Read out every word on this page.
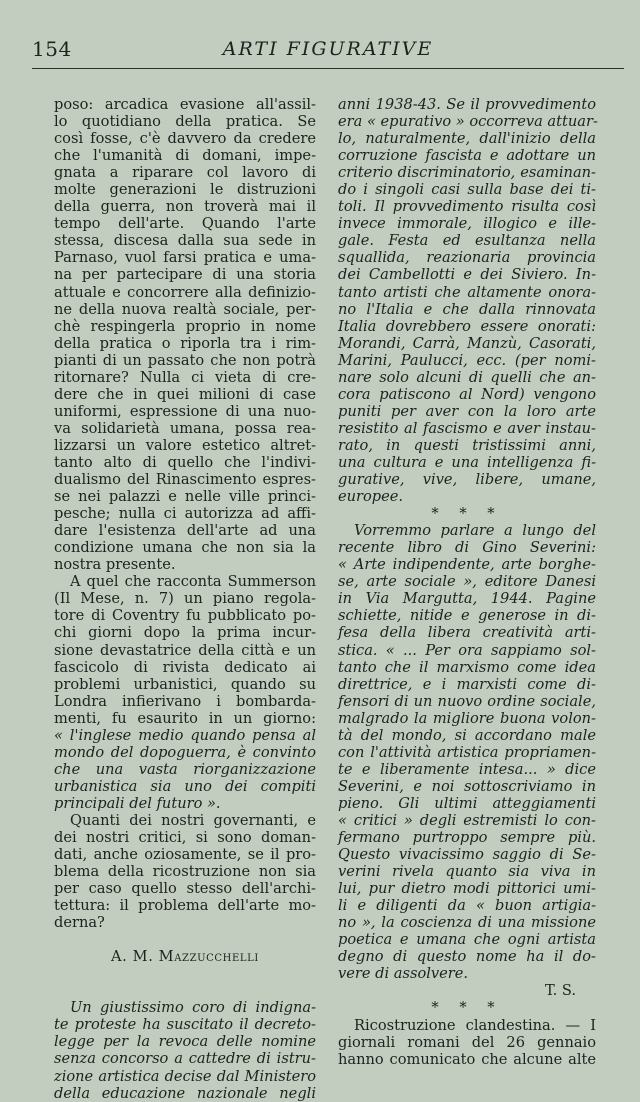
154	ARTI FIGURATIVE
poso: arcadica evasione all'assil-
lo quotidiano della pratica. Se
così fosse, c'è davvero da credere
che l'umanità di domani, impe-
gnata a riparare col lavoro di
molte generazioni le distruzioni
della guerra, non troverà mai il
tempo dell'arte. Quando l'arte
stessa, discesa dalla sua sede in
Parnaso, vuol farsi pratica e uma-
na per partecipare di una storia
attuale e concorrere alla definizio-
ne della nuova realtà sociale, per-
chè respingerla proprio in nome
della pratica o riporla tra i rim-
pianti di un passato che non potrà
ritornare? Nulla ci vieta di cre-
dere che in quei milioni di case
uniformi, espressione di una nuo-
va solidarietà umana, possa rea-
lizzarsi un valore estetico altret-
tanto alto di quello che l'indivi-
dualismo del Rinascimento espres-
se nei palazzi e nelle ville princi-
pesche; nulla ci autorizza ad affi-
dare l'esistenza dell'arte ad una
condizione umana che non sia la
nostra presente.
A quel che racconta Summerson
(Il Mese, n. 7) un piano regola-
tore di Coventry fu pubblicato po-
chi giorni dopo la prima incur-
sione devastatrice della città e un
fascicolo di rivista dedicato ai
problemi urbanistici, quando su
Londra infierivano i bombarda-
menti, fu esaurito in un giorno:
« l'inglese medio quando pensa al
mondo del dopoguerra, è convinto
che una vasta riorganizzazione
urbanistica sia uno dei compiti
principali del futuro ».
Quanti dei nostri governanti, e
dei nostri critici, si sono doman-
dati, anche oziosamente, se il pro-
blema della ricostruzione non sia
per caso quello stesso dell'archi-
tettura: il problema dell'arte mo-
derna?
A. M. Mazzucchelli
Un giustissimo coro di indigna-
te proteste ha suscitato il decreto-
legge per la revoca delle nomine
senza concorso a cattedre di istru-
zione artistica decise dal Ministero
della educazione nazionale negli
anni 1938-43. Se il provvedimento
era « epurativo » occorreva attuar-
lo, naturalmente, dall'inizio della
corruzione fascista e adottare un
criterio discriminatorio, esaminan-
do i singoli casi sulla base dei ti-
toli. Il provvedimento risulta così
invece immorale, illogico e ille-
gale. Festa ed esultanza nella
squallida, reazionaria provincia
dei Cambellotti e dei Siviero. In-
tanto artisti che altamente onora-
no l'Italia e che dalla rinnovata
Italia dovrebbero essere onorati:
Morandi, Carrà, Manzù, Casorati,
Marini, Paulucci, ecc. (per nomi-
nare solo alcuni di quelli che an-
cora patiscono al Nord) vengono
puniti per aver con la loro arte
resistito al fascismo e aver instau-
rato, in questi tristissimi anni,
una cultura e una intelligenza fi-
gurative, vive, libere, umane,
europee.
* * *
Vorremmo parlare a lungo del
recente libro di Gino Severini:
« Arte indipendente, arte borghe-
se, arte sociale », editore Danesi
in Via Margutta, 1944. Pagine
schiette, nitide e generose in di-
fesa della libera creatività arti-
stica. « ... Per ora sappiamo sol-
tanto che il marxismo come idea
direttrice, e i marxisti come di-
fensori di un nuovo ordine sociale,
malgrado la migliore buona volon-
tà del mondo, si accordano male
con l'attività artistica propriamen-
te e liberamente intesa... » dice
Severini, e noi sottoscriviamo in
pieno. Gli ultimi atteggiamenti
« critici » degli estremisti lo con-
fermano purtroppo sempre più.
Questo vivacissimo saggio di Se-
verini rivela quanto sia viva in
lui, pur dietro modi pittorici umi-
li e diligenti da « buon artigia-
no », la coscienza di una missione
poetica e umana che ogni artista
degno di questo nome ha il do-
vere di assolvere.
T. S.
* * *
Ricostruzione clandestina. — I
giornali romani del 26 gennaio
hanno comunicato che alcune alte
